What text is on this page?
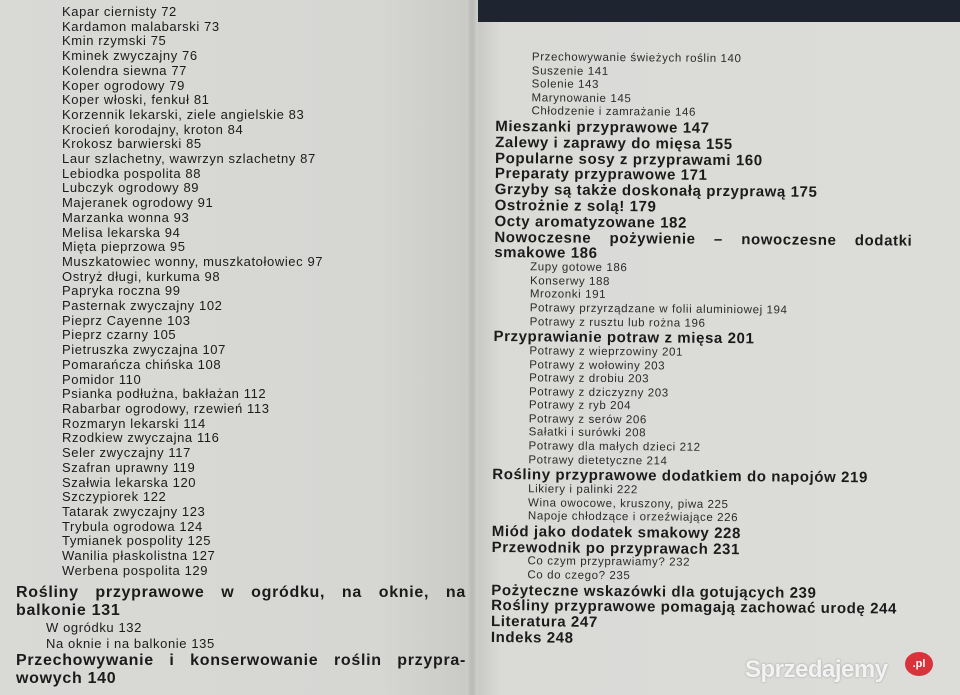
Kapar ciernisty 72
Kardamon malabarski 73
Kmin rzymski 75
Kminek zwyczajny 76
Kolendra siewna 77
Koper ogrodowy 79
Koper włoski, fenkuł 81
Korzennik lekarski, ziele angielskie 83
Krocień korodajny, kroton 84
Krokosz barwierski 85
Laur szlachetny, wawrzyn szlachetny 87
Lebiodka pospolita 88
Lubczyk ogrodowy 89
Majeranek ogrodowy 91
Marzanka wonna 93
Melisa lekarska 94
Mięta pieprzowa 95
Muszkatowiec wonny, muszkatołowiec 97
Ostryż długi, kurkuma 98
Papryka roczna 99
Pasternak zwyczajny 102
Pieprz Cayenne 103
Pieprz czarny 105
Pietruszka zwyczajna 107
Pomarańcza chińska 108
Pomidor 110
Psianka podłużna, bakłażan 112
Rabarbar ogrodowy, rzewień 113
Rozmaryn lekarski 114
Rzodkiew zwyczajna 116
Seler zwyczajny 117
Szafran uprawny 119
Szałwia lekarska 120
Szczypiorek 122
Tatarak zwyczajny 123
Trybula ogrodowa 124
Tymianek pospolity 125
Wanilia płaskolistna 127
Werbena pospolita 129
Rośliny przyprawowe w ogródku, na oknie, na
balkonie 131
W ogródku 132
Na oknie i na balkonie 135
Przechowywanie i konserwowanie roślin przypra-
wowych 140
Przechowywanie świeżych roślin 140
Suszenie 141
Solenie 143
Marynowanie 145
Chłodzenie i zamrażanie 146
Mieszanki przyprawowe 147
Zalewy i zaprawy do mięsa 155
Popularne sosy z przyprawami 160
Preparaty przyprawowe 171
Grzyby są także doskonałą przyprawą 175
Ostrożnie z solą! 179
Octy aromatyzowane 182
Nowoczesne pożywienie – nowoczesne dodatki
smakowe 186
Zupy gotowe 186
Konserwy 188
Mrozonki 191
Potrawy przyrządzane w folii aluminiowej 194
Potrawy z rusztu lub rożna 196
Przyprawianie potraw z mięsa 201
Potrawy z wieprzowiny 201
Potrawy z wołowiny 203
Potrawy z drobiu 203
Potrawy z dziczyzny 203
Potrawy z ryb 204
Potrawy z serów 206
Sałatki i surówki 208
Potrawy dla małych dzieci 212
Potrawy dietetyczne 214
Rośliny przyprawowe dodatkiem do napojów 219
Likiery i palinki 222
Wina owocowe, kruszony, piwa 225
Napoje chłodzące i orzeźwiające 226
Miód jako dodatek smakowy 228
Przewodnik po przyprawach 231
Co czym przyprawiamy? 232
Co do czego? 235
Pożyteczne wskazówki dla gotujących 239
Rośliny przyprawowe pomagają zachować urodę 244
Literatura 247
Indeks 248
Sprzedajemy	.pl
